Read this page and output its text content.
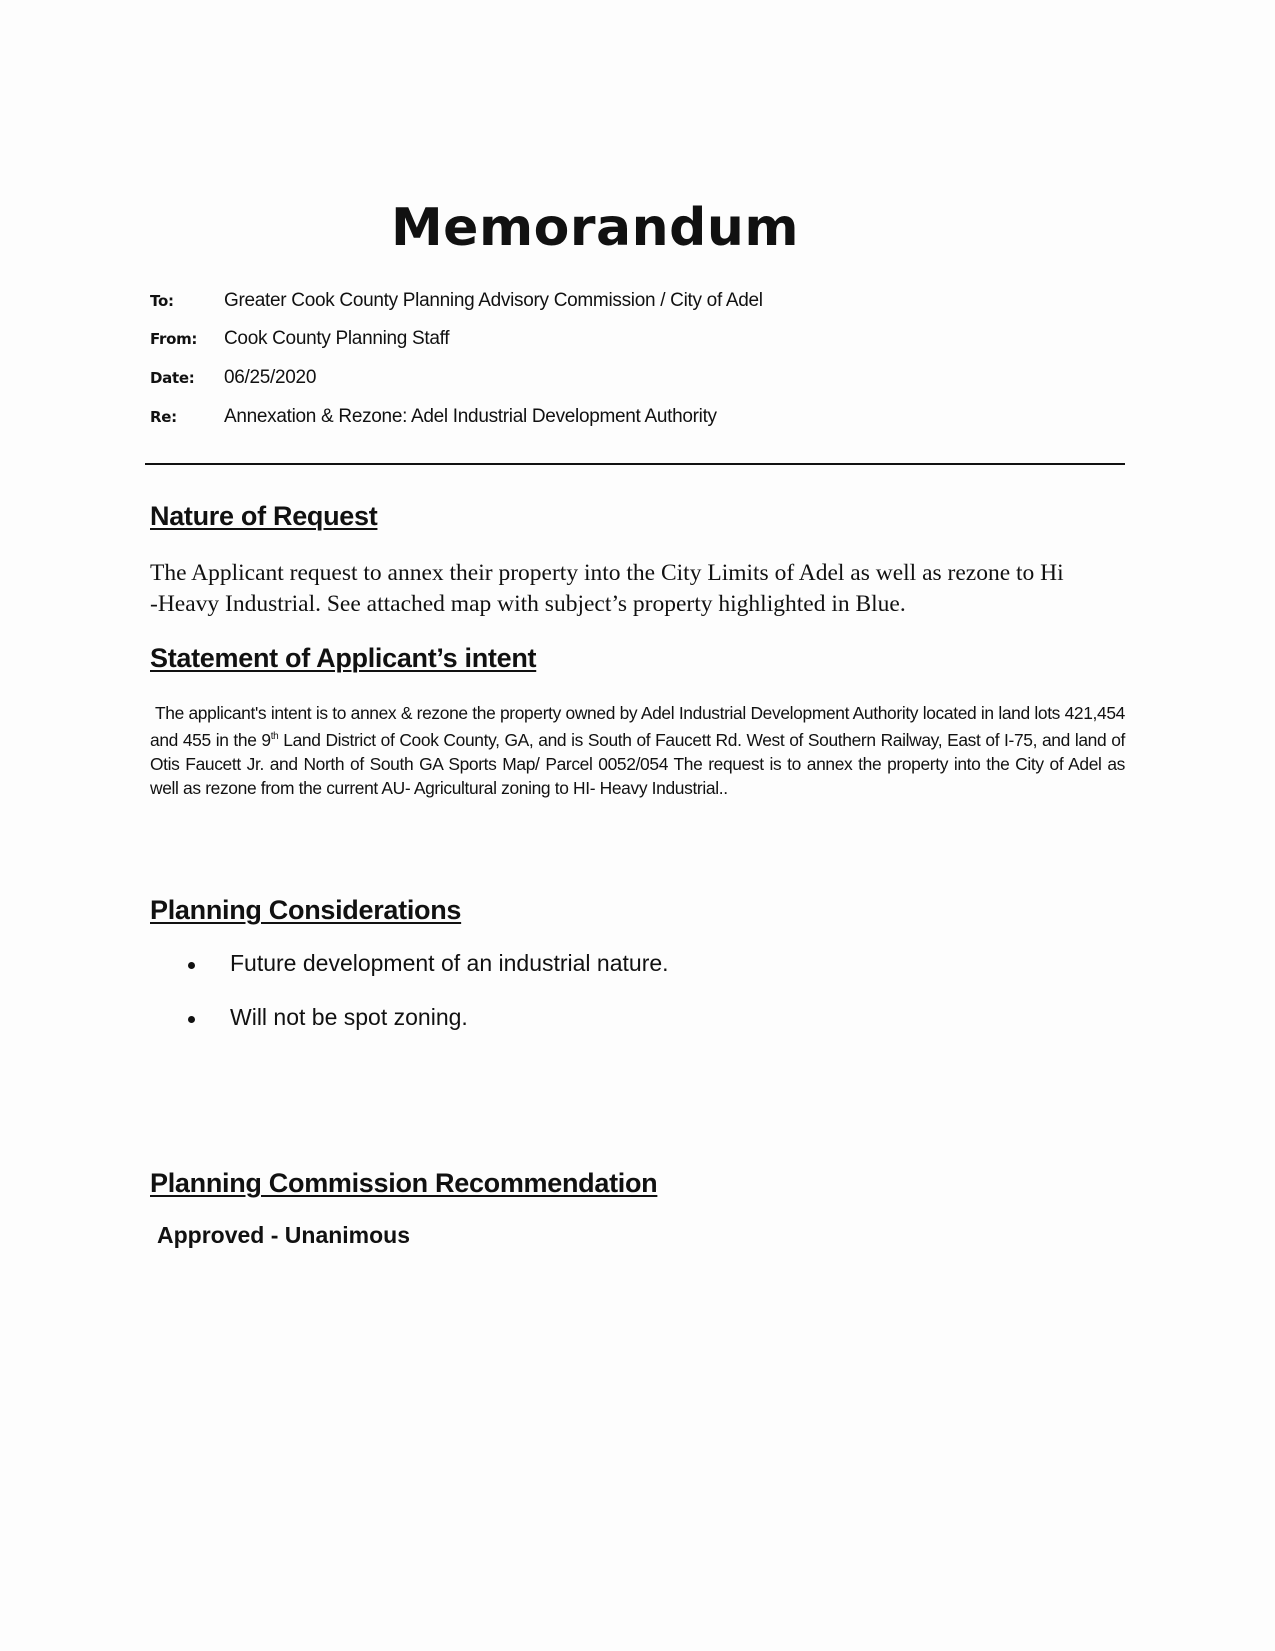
Memorandum
To:	Greater Cook County Planning Advisory Commission / City of Adel
From: Cook County Planning Staff
Date: 06/25/2020
Re: Annexation & Rezone: Adel Industrial Development Authority
Nature of Request

The Applicant request to annex their property into the City Limits of Adel as well as rezone to Hi
-Heavy Industrial. See attached map with subject’s property highlighted in Blue.

Statement of Applicant’s intent

The applicant's intent is to annex & rezone the property owned by Adel Industrial Development Authority located in land lots 421,454 and 455 in the 9th Land District of Cook County, GA, and is South of Faucett Rd. West of Southern Railway, East of I-75, and land of Otis Faucett Jr. and North of South GA Sports Map/ Parcel 0052/054 The request is to annex the property into the City of Adel as well as rezone from the current AU- Agricultural zoning to HI- Heavy Industrial..

Planning Considerations
Future development of an industrial nature.
Will not be spot zoning.
Planning Commission Recommendation
Approved - Unanimous
